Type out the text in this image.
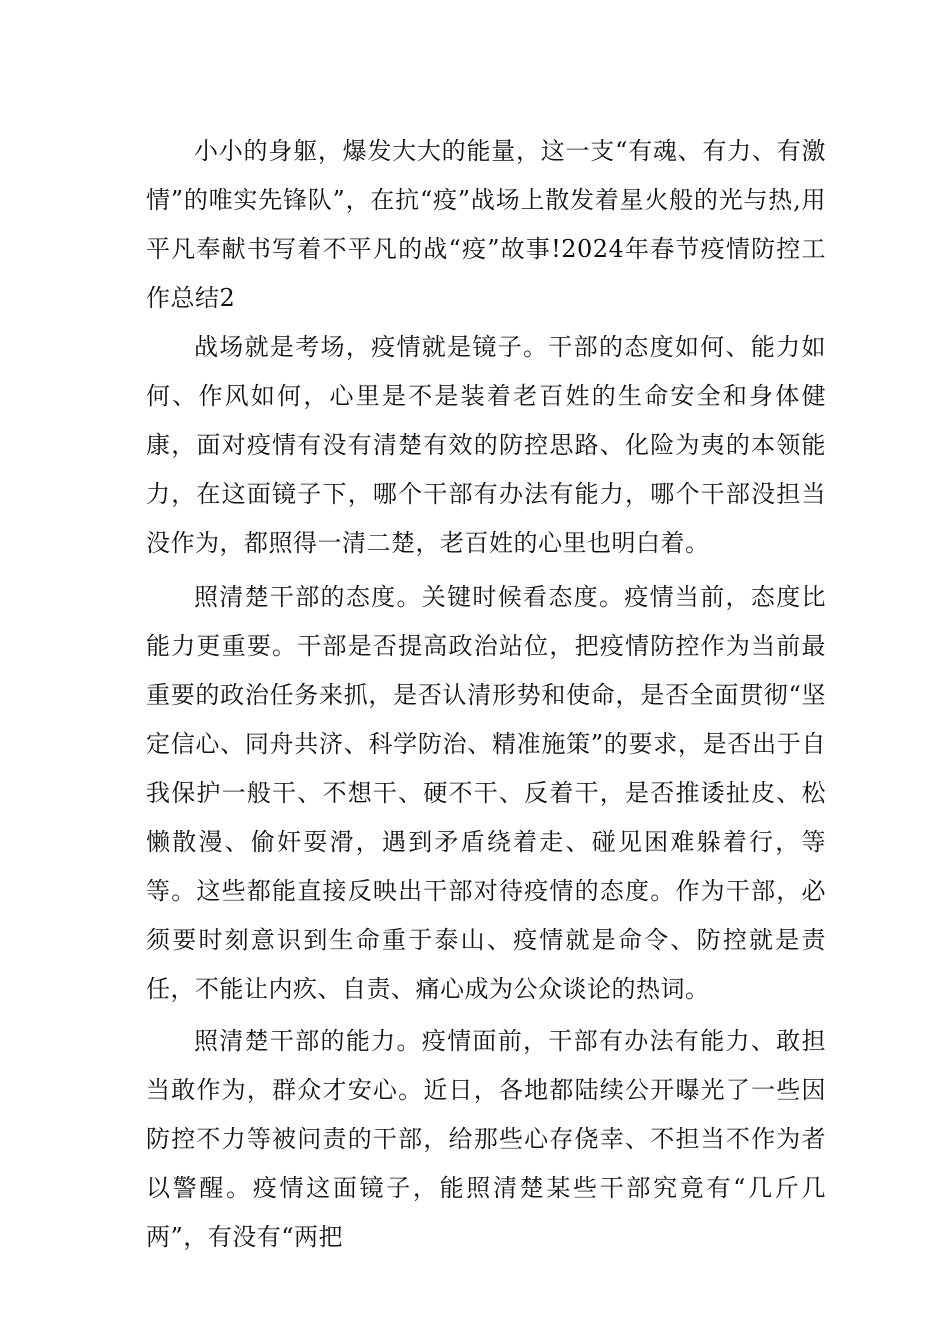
小小的身躯，爆发大大的能量，这一支“有魂、有力、有激情”的唯实先锋队”，在抗“疫”战场上散发着星火般的光与热,用平凡奉献书写着不平凡的战“疫”故事!2024年春节疫情防控工作总结2

战场就是考场，疫情就是镜子。干部的态度如何、能力如何、作风如何，心里是不是装着老百姓的生命安全和身体健康，面对疫情有没有清楚有效的防控思路、化险为夷的本领能力，在这面镜子下，哪个干部有办法有能力，哪个干部没担当没作为，都照得一清二楚，老百姓的心里也明白着。

照清楚干部的态度。关键时候看态度。疫情当前，态度比能力更重要。干部是否提高政治站位，把疫情防控作为当前最重要的政治任务来抓，是否认清形势和使命，是否全面贯彻“坚定信心、同舟共济、科学防治、精准施策”的要求，是否出于自我保护一般干、不想干、硬不干、反着干，是否推诿扯皮、松懒散漫、偷奸耍滑，遇到矛盾绕着走、碰见困难躲着行，等等。这些都能直接反映出干部对待疫情的态度。作为干部，必须要时刻意识到生命重于泰山、疫情就是命令、防控就是责任，不能让内疚、自责、痛心成为公众谈论的热词。

照清楚干部的能力。疫情面前，干部有办法有能力、敢担当敢作为，群众才安心。近日，各地都陆续公开曝光了一些因防控不力等被问责的干部，给那些心存侥幸、不担当不作为者以警醒。疫情这面镜子，能照清楚某些干部究竟有“几斤几两”，有没有“两把
